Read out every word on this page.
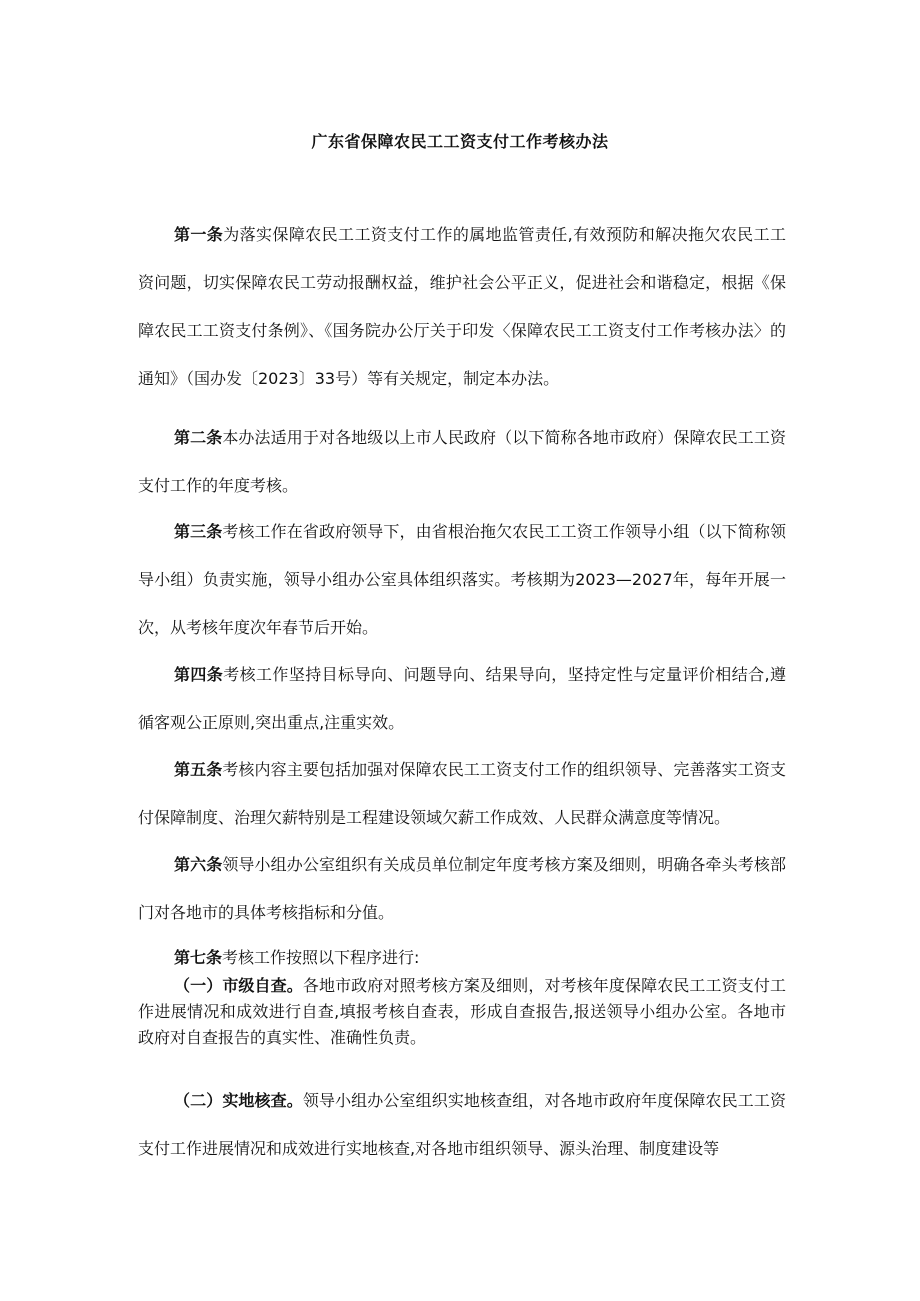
广东省保障农民工工资支付工作考核办法

第一条为落实保障农民工工资支付工作的属地监管责任,有效预防和解决拖欠农民工工资问题，切实保障农民工劳动报酬权益，维护社会公平正义，促进社会和谐稳定，根据《保障农民工工资支付条例》、《国务院办公厅关于印发〈保障农民工工资支付工作考核办法〉的通知》（国办发〔2023〕33号）等有关规定，制定本办法。

第二条本办法适用于对各地级以上市人民政府（以下简称各地市政府）保障农民工工资支付工作的年度考核。

第三条考核工作在省政府领导下，由省根治拖欠农民工工资工作领导小组（以下简称领导小组）负责实施，领导小组办公室具体组织落实。考核期为2023—2027年，每年开展一次，从考核年度次年春节后开始。

第四条考核工作坚持目标导向、问题导向、结果导向，坚持定性与定量评价相结合,遵循客观公正原则,突出重点,注重实效。

第五条考核内容主要包括加强对保障农民工工资支付工作的组织领导、完善落实工资支付保障制度、治理欠薪特别是工程建设领域欠薪工作成效、人民群众满意度等情况。

第六条领导小组办公室组织有关成员单位制定年度考核方案及细则，明确各牵头考核部门对各地市的具体考核指标和分值。

第七条考核工作按照以下程序进行:

（一）市级自查。各地市政府对照考核方案及细则，对考核年度保障农民工工资支付工作进展情况和成效进行自查,填报考核自查表，形成自查报告,报送领导小组办公室。各地市政府对自查报告的真实性、准确性负责。

（二）实地核查。领导小组办公室组织实地核查组，对各地市政府年度保障农民工工资支付工作进展情况和成效进行实地核查,对各地市组织领导、源头治理、制度建设等
